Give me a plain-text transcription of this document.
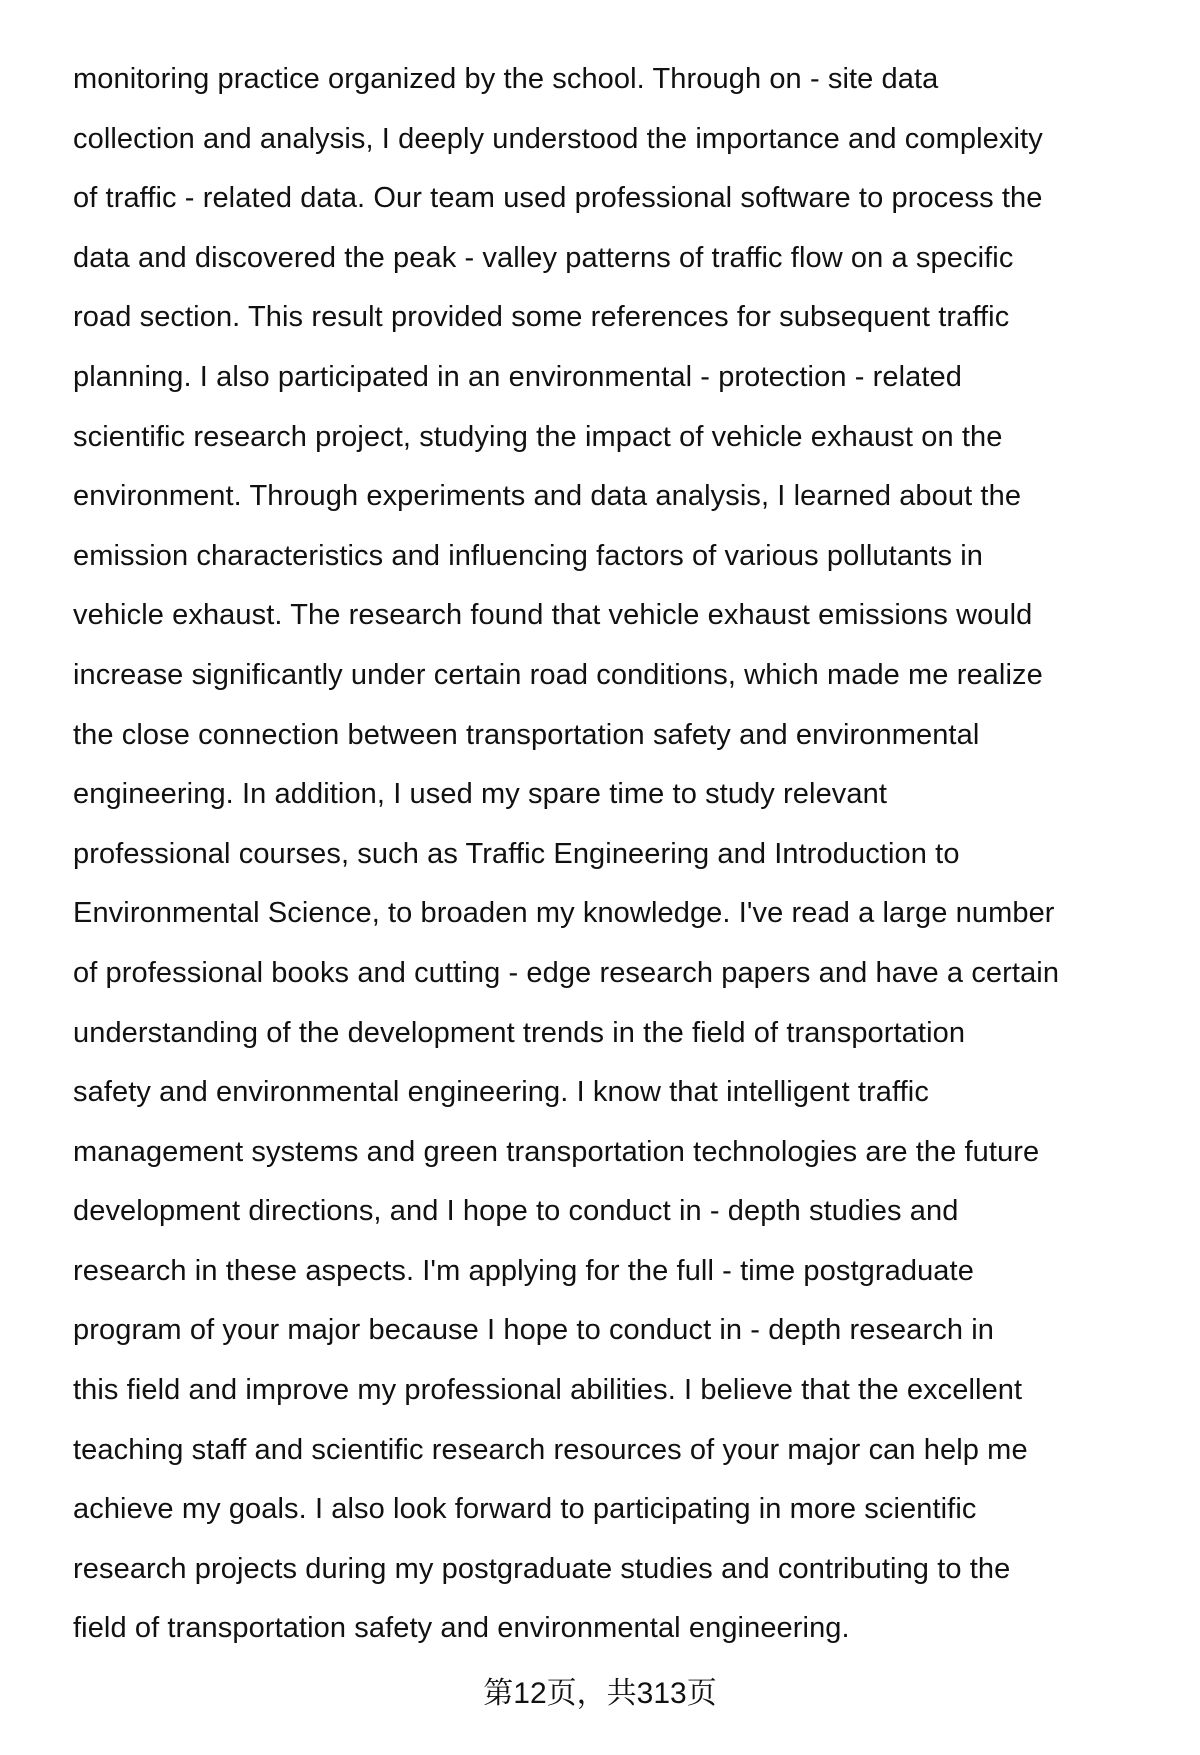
monitoring practice organized by the school. Through on - site data
collection and analysis, I deeply understood the importance and complexity
of traffic - related data. Our team used professional software to process the
data and discovered the peak - valley patterns of traffic flow on a specific
road section. This result provided some references for subsequent traffic
planning. I also participated in an environmental - protection - related
scientific research project, studying the impact of vehicle exhaust on the
environment. Through experiments and data analysis, I learned about the
emission characteristics and influencing factors of various pollutants in
vehicle exhaust. The research found that vehicle exhaust emissions would
increase significantly under certain road conditions, which made me realize
the close connection between transportation safety and environmental
engineering. In addition, I used my spare time to study relevant
professional courses, such as Traffic Engineering and Introduction to
Environmental Science, to broaden my knowledge. I've read a large number
of professional books and cutting - edge research papers and have a certain
understanding of the development trends in the field of transportation
safety and environmental engineering. I know that intelligent traffic
management systems and green transportation technologies are the future
development directions, and I hope to conduct in - depth studies and
research in these aspects. I'm applying for the full - time postgraduate
program of your major because I hope to conduct in - depth research in
this field and improve my professional abilities. I believe that the excellent
teaching staff and scientific research resources of your major can help me
achieve my goals. I also look forward to participating in more scientific
research projects during my postgraduate studies and contributing to the
field of transportation safety and environmental engineering.
第12页，共313页
